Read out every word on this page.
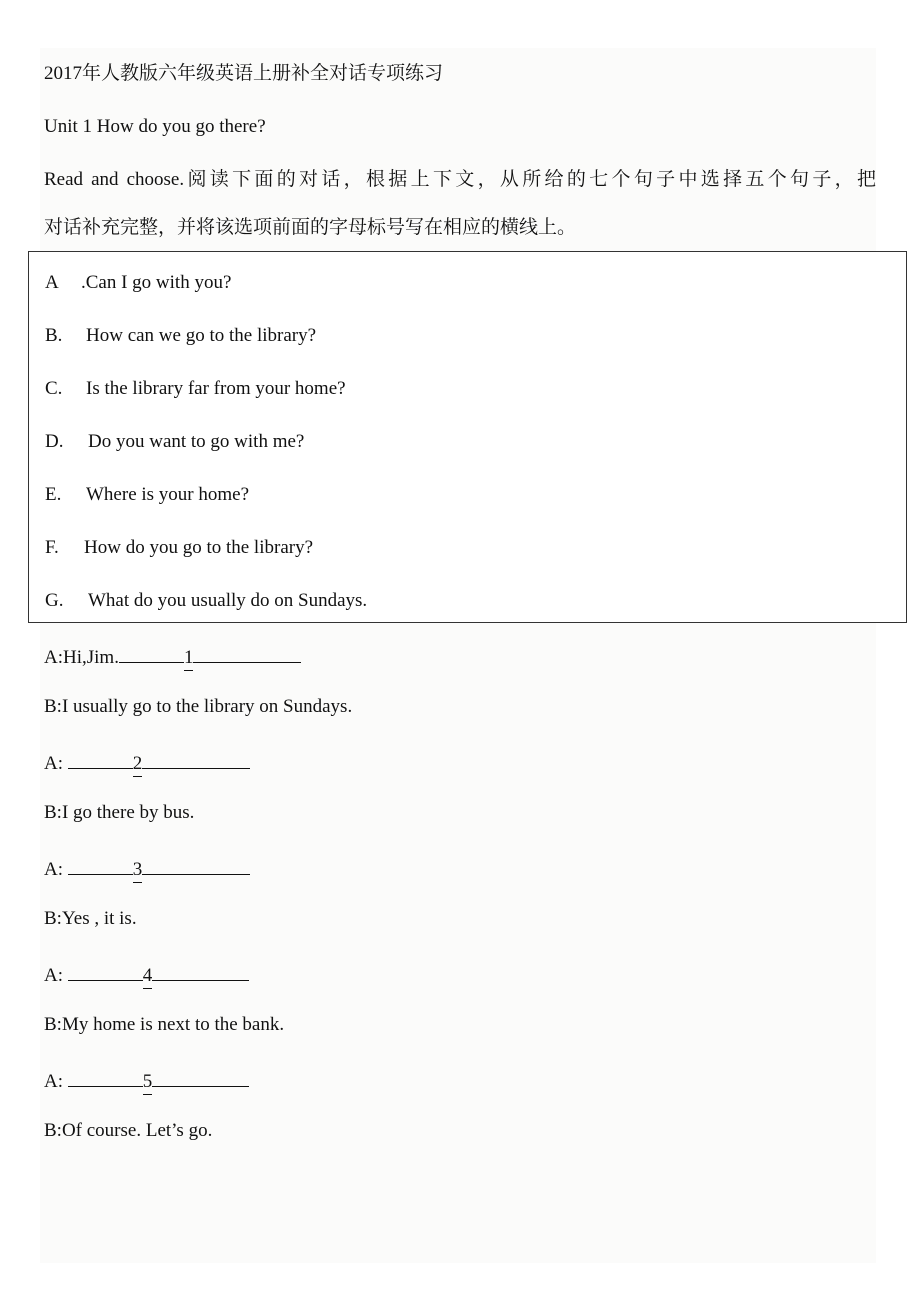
2017年人教版六年级英语上册补全对话专项练习
Unit 1 How do you go there?
Read and choose.阅读下面的对话，根据上下文，从所给的七个句子中选择五个句子，把
对话补充完整，并将该选项前面的字母标号写在相应的横线上。
A .Can I go with you?
B. How can we go to the library?
C. Is the library far from your home?
D. Do you want to go with me?
E. Where is your home?
F. How do you go to the library?
G. What do you usually do on Sundays.
A:Hi,Jim.	1
B:I usually go to the library on Sundays.
A:	2
B:I go there by bus.
A:	3
B:Yes , it is.
A:	4
B:My home is next to the bank.
A:	5
B:Of course. Let’s go.
